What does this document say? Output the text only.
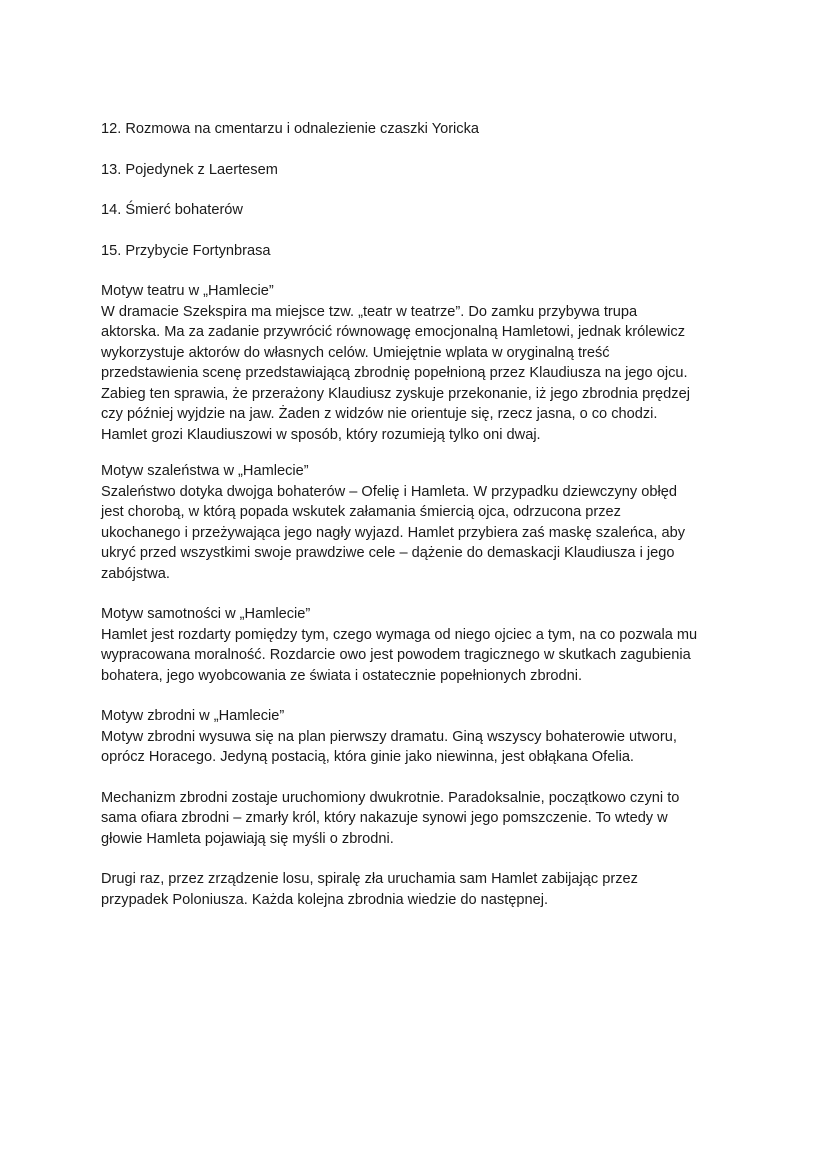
12. Rozmowa na cmentarzu i odnalezienie czaszki Yoricka
13. Pojedynek z Laertesem
14. Śmierć bohaterów
15. Przybycie Fortynbrasa
Motyw teatru w „Hamlecie”
W dramacie Szekspira ma miejsce tzw. „teatr w teatrze”. Do zamku przybywa trupa
aktorska. Ma za zadanie przywrócić równowagę emocjonalną Hamletowi, jednak królewicz
wykorzystuje aktorów do własnych celów. Umiejętnie wplata w oryginalną treść
przedstawienia scenę przedstawiającą zbrodnię popełnioną przez Klaudiusza na jego ojcu.
Zabieg ten sprawia, że przerażony Klaudiusz zyskuje przekonanie, iż jego zbrodnia prędzej
czy później wyjdzie na jaw. Żaden z widzów nie orientuje się, rzecz jasna, o co chodzi.
Hamlet grozi Klaudiuszowi w sposób, który rozumieją tylko oni dwaj.
Motyw szaleństwa w „Hamlecie”
Szaleństwo dotyka dwojga bohaterów – Ofelię i Hamleta. W przypadku dziewczyny obłęd
jest chorobą, w którą popada wskutek załamania śmiercią ojca, odrzucona przez
ukochanego i przeżywająca jego nagły wyjazd. Hamlet przybiera zaś maskę szaleńca, aby
ukryć przed wszystkimi swoje prawdziwe cele – dążenie do demaskacji Klaudiusza i jego
zabójstwa.
Motyw samotności w „Hamlecie”
Hamlet jest rozdarty pomiędzy tym, czego wymaga od niego ojciec a tym, na co pozwala mu
wypracowana moralność. Rozdarcie owo jest powodem tragicznego w skutkach zagubienia
bohatera, jego wyobcowania ze świata i ostatecznie popełnionych zbrodni.
Motyw zbrodni w „Hamlecie”
Motyw zbrodni wysuwa się na plan pierwszy dramatu. Giną wszyscy bohaterowie utworu,
oprócz Horacego. Jedyną postacią, która ginie jako niewinna, jest obłąkana Ofelia.
Mechanizm zbrodni zostaje uruchomiony dwukrotnie. Paradoksalnie, początkowo czyni to
sama ofiara zbrodni – zmarły król, który nakazuje synowi jego pomszczenie. To wtedy w
głowie Hamleta pojawiają się myśli o zbrodni.
Drugi raz, przez zrządzenie losu, spiralę zła uruchamia sam Hamlet zabijając przez
przypadek Poloniusza. Każda kolejna zbrodnia wiedzie do następnej.
